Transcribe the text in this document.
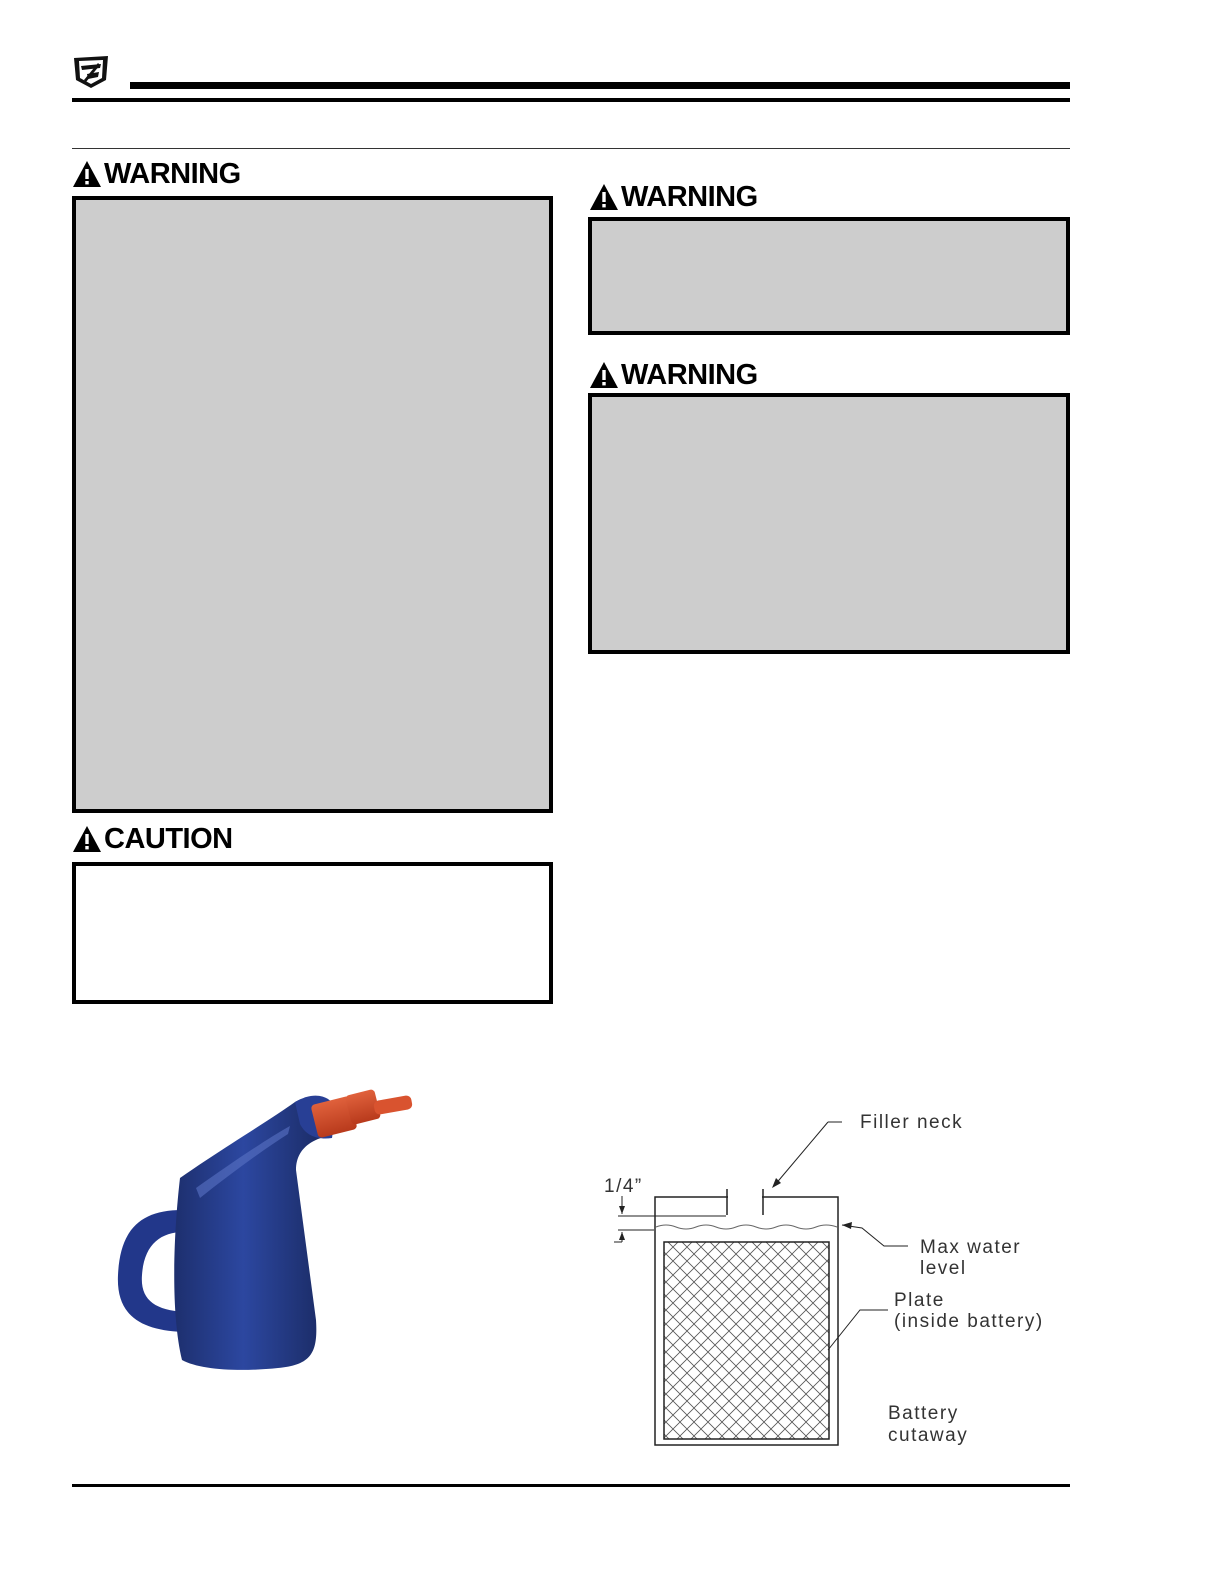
WARNING
CAUTION
WARNING
WARNING
Filler neck
1/4”
Max water
level
Plate
(inside battery)
Battery
cutaway
